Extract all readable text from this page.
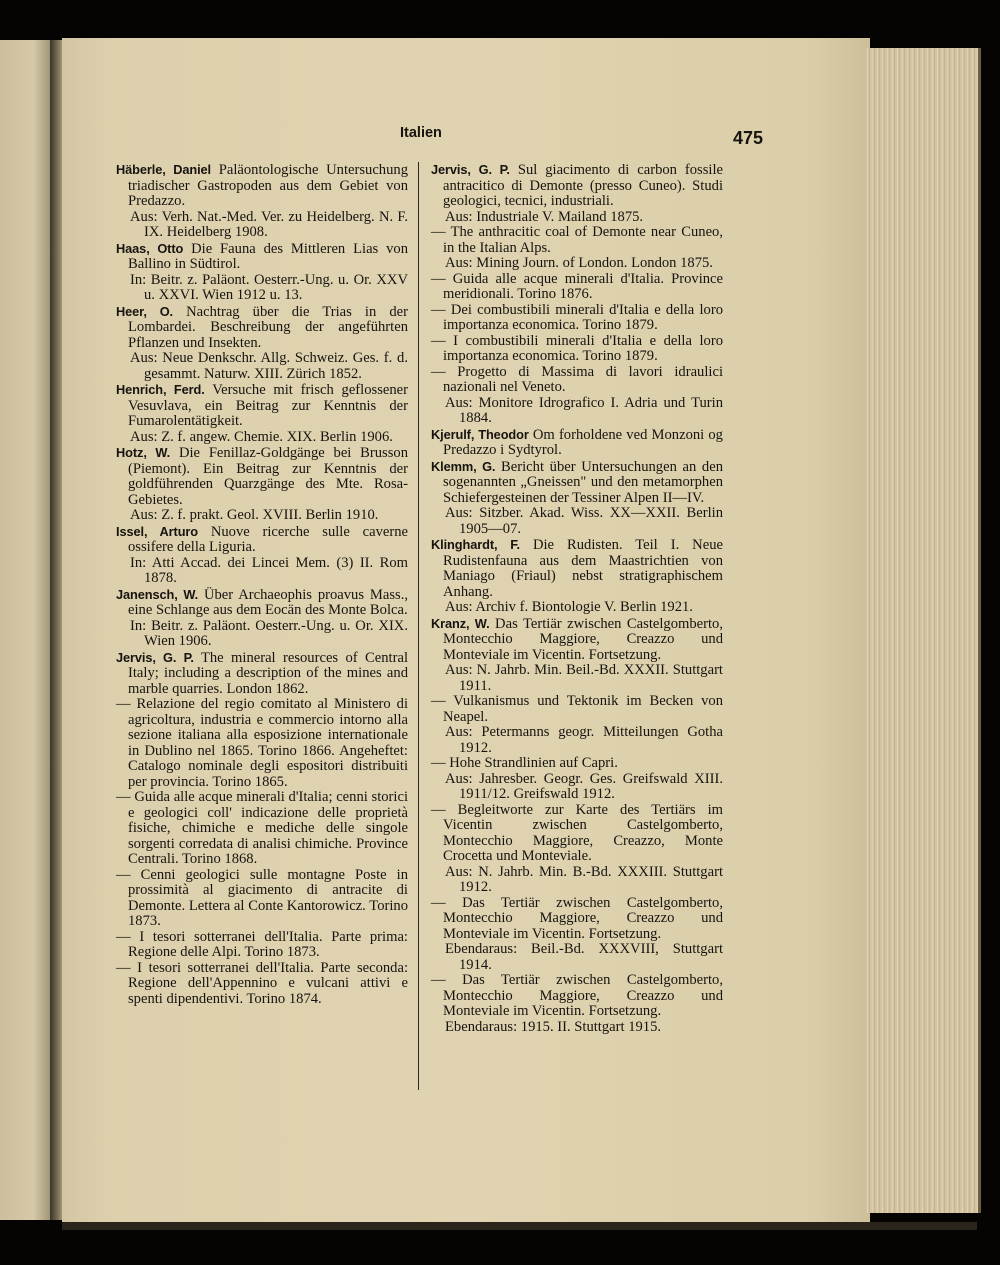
Italien	475

Häberle, Daniel Paläontologische Untersuchung triadischer Gastropoden aus dem Gebiet von Predazzo.

Aus: Verh. Nat.-Med. Ver. zu Heidelberg. N. F. IX. Heidelberg 1908.

Haas, Otto Die Fauna des Mittleren Lias von Ballino in Südtirol.

In: Beitr. z. Paläont. Oesterr.-Ung. u. Or. XXV u. XXVI. Wien 1912 u. 13.

Heer, O. Nachtrag über die Trias in der Lombardei. Beschreibung der angeführten Pflanzen und Insekten.

Aus: Neue Denkschr. Allg. Schweiz. Ges. f. d. gesammt. Naturw. XIII. Zürich 1852.

Henrich, Ferd. Versuche mit frisch geflossener Vesuvlava, ein Beitrag zur Kenntnis der Fumarolentätigkeit.

Aus: Z. f. angew. Chemie. XIX. Berlin 1906.

Hotz, W. Die Fenillaz-Goldgänge bei Brusson (Piemont). Ein Beitrag zur Kenntnis der goldführenden Quarzgänge des Mte. Rosa-Gebietes.

Aus: Z. f. prakt. Geol. XVIII. Berlin 1910.

Issel, Arturo Nuove ricerche sulle caverne ossifere della Liguria.

In: Atti Accad. dei Lincei Mem. (3) II. Rom 1878.

Janensch, W. Über Archaeophis proavus Mass., eine Schlange aus dem Eocän des Monte Bolca.

In: Beitr. z. Paläont. Oesterr.-Ung. u. Or. XIX. Wien 1906.

Jervis, G. P. The mineral resources of Central Italy; including a description of the mines and marble quarries. London 1862.

— Relazione del regio comitato al Ministero di agricoltura, industria e commercio intorno alla sezione italiana alla esposizione internationale in Dublino nel 1865. Torino 1866. Angeheftet: Catalogo nominale degli espositori distribuiti per provincia. Torino 1865.

— Guida alle acque minerali d'Italia; cenni storici e geologici coll' indicazione delle proprietà fisiche, chimiche e mediche delle singole sorgenti corredata di analisi chimiche. Province Centrali. Torino 1868.

— Cenni geologici sulle montagne Poste in prossimità al giacimento di antracite di Demonte. Lettera al Conte Kantorowicz. Torino 1873.

— I tesori sotterranei dell'Italia. Parte prima: Regione delle Alpi. Torino 1873.

— I tesori sotterranei dell'Italia. Parte seconda: Regione dell'Appennino e vulcani attivi e spenti dipendentivi. Torino 1874.

Jervis, G. P. Sul giacimento di carbon fossile antracitico di Demonte (presso Cuneo). Studi geologici, tecnici, industriali.

Aus: Industriale V. Mailand 1875.

— The anthracitic coal of Demonte near Cuneo, in the Italian Alps.

Aus: Mining Journ. of London. London 1875.

— Guida alle acque minerali d'Italia. Province meridionali. Torino 1876.

— Dei combustibili minerali d'Italia e della loro importanza economica. Torino 1879.

— I combustibili minerali d'Italia e della loro importanza economica. Torino 1879.

— Progetto di Massima di lavori idraulici nazionali nel Veneto.

Aus: Monitore Idrografico I. Adria und Turin 1884.

Kjerulf, Theodor Om forholdene ved Monzoni og Predazzo i Sydtyrol.

Klemm, G. Bericht über Untersuchungen an den sogenannten „Gneissen" und den metamorphen Schiefergesteinen der Tessiner Alpen II—IV.

Aus: Sitzber. Akad. Wiss. XX—XXII. Berlin 1905—07.

Klinghardt, F. Die Rudisten. Teil I. Neue Rudistenfauna aus dem Maastrichtien von Maniago (Friaul) nebst stratigraphischem Anhang.

Aus: Archiv f. Biontologie V. Berlin 1921.

Kranz, W. Das Tertiär zwischen Castelgomberto, Montecchio Maggiore, Creazzo und Monteviale im Vicentin. Fortsetzung.

Aus: N. Jahrb. Min. Beil.-Bd. XXXII. Stuttgart 1911.

— Vulkanismus und Tektonik im Becken von Neapel.

Aus: Petermanns geogr. Mitteilungen Gotha 1912.

— Hohe Strandlinien auf Capri.

Aus: Jahresber. Geogr. Ges. Greifswald XIII. 1911/12. Greifswald 1912.

— Begleitworte zur Karte des Tertiärs im Vicentin zwischen Castelgomberto, Montecchio Maggiore, Creazzo, Monte Crocetta und Monteviale.

Aus: N. Jahrb. Min. B.-Bd. XXXIII. Stuttgart 1912.

— Das Tertiär zwischen Castelgomberto, Montecchio Maggiore, Creazzo und Monteviale im Vicentin. Fortsetzung.

Ebendaraus: Beil.-Bd. XXXVIII, Stuttgart 1914.

— Das Tertiär zwischen Castelgomberto, Montecchio Maggiore, Creazzo und Monteviale im Vicentin. Fortsetzung.

Ebendaraus: 1915. II. Stuttgart 1915.
